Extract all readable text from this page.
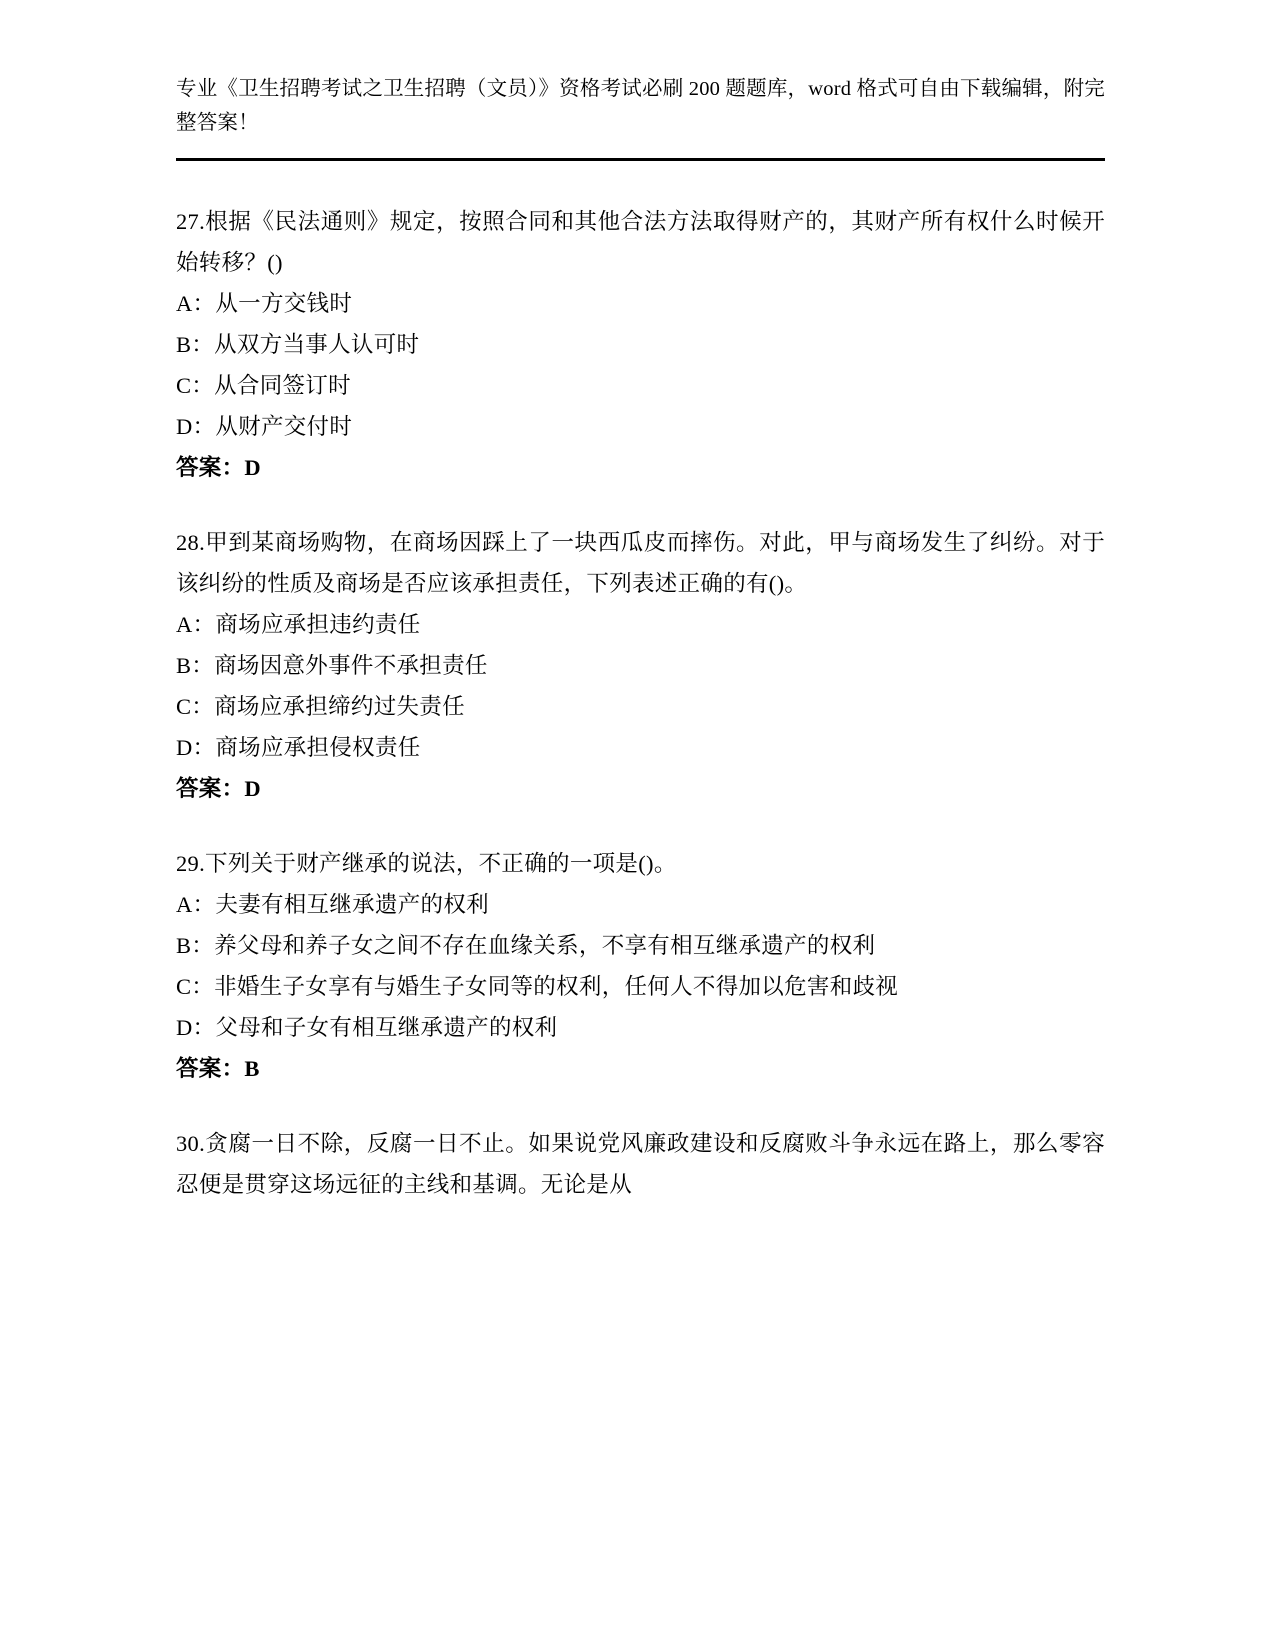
专业《卫生招聘考试之卫生招聘（文员）》资格考试必刷 200 题题库，word 格式可自由下载编辑，附完整答案！
27.根据《民法通则》规定，按照合同和其他合法方法取得财产的，其财产所有权什么时候开始转移？()
A：从一方交钱时
B：从双方当事人认可时
C：从合同签订时
D：从财产交付时
答案：D
28.甲到某商场购物，在商场因踩上了一块西瓜皮而摔伤。对此，甲与商场发生了纠纷。对于该纠纷的性质及商场是否应该承担责任，下列表述正确的有()。
A：商场应承担违约责任
B：商场因意外事件不承担责任
C：商场应承担缔约过失责任
D：商场应承担侵权责任
答案：D
29.下列关于财产继承的说法，不正确的一项是()。
A：夫妻有相互继承遗产的权利
B：养父母和养子女之间不存在血缘关系，不享有相互继承遗产的权利
C：非婚生子女享有与婚生子女同等的权利，任何人不得加以危害和歧视
D：父母和子女有相互继承遗产的权利
答案：B
30.贪腐一日不除，反腐一日不止。如果说党风廉政建设和反腐败斗争永远在路上，那么零容忍便是贯穿这场远征的主线和基调。无论是从
